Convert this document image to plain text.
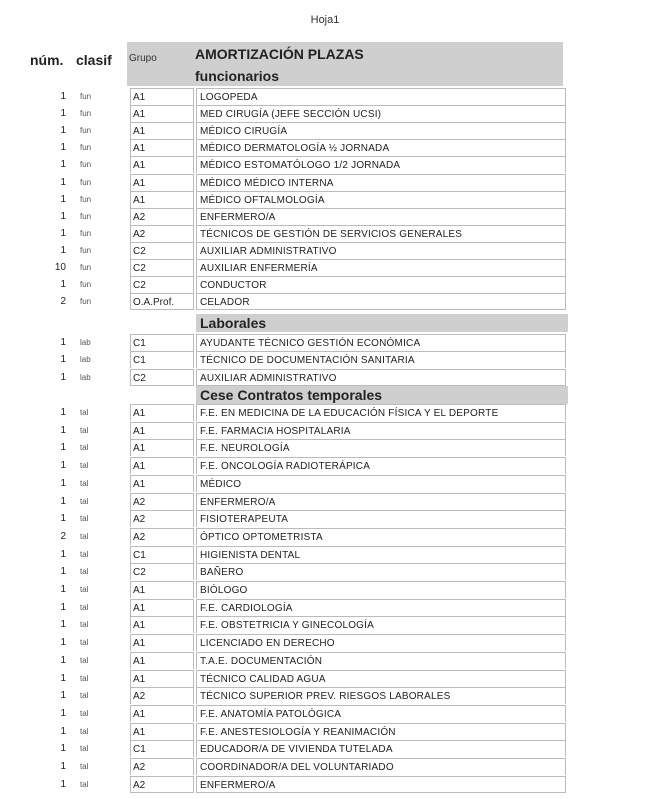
Hoja1
núm. clasif	AMORTIZACIÓN PLAZAS
funcionarios
Grupo
Laborales
Cese Contratos temporales
1 fun	A1	LOGOPEDA
1 fun	A1	MED CIRUGÍA (JEFE SECCIÓN UCSI)
1 fun	A1	MÉDICO CIRUGÍA
1 fun	A1	MÉDICO DERMATOLOGÍA ½ JORNADA
1 fun	A1	MÉDICO ESTOMATÓLOGO 1/2 JORNADA
1 fun	A1	MÉDICO MÉDICO INTERNA
1 fun	A1	MÉDICO OFTALMOLOGÍA
1 fun	A2	ENFERMERO/A
1 fun	A2	TÉCNICOS DE GESTIÓN DE SERVICIOS GENERALES
1 fun	C2	AUXILIAR ADMINISTRATIVO
10 fun	C2	AUXILIAR ENFERMERÍA
1 fun	C2	CONDUCTOR
2 fun	O.A.Prof.	CELADOR
1 lab	C1	AYUDANTE TÉCNICO GESTIÓN ECONÓMICA
1 lab	C1	TÉCNICO DE DOCUMENTACIÓN SANITARIA
1 lab	C2	AUXILIAR ADMINISTRATIVO
1 tal	A1	F.E. EN MEDICINA DE LA EDUCACIÓN FÍSICA Y EL DEPORTE
1 tal	A1	F.E. FARMACIA HOSPITALARIA
1 tal	A1	F.E. NEUROLOGÍA
1 tal	A1	F.E. ONCOLOGÍA RADIOTERÁPICA
1 tal	A1	MÉDICO
1 tal	A2	ENFERMERO/A
1 tal	A2	FISIOTERAPEUTA
2 tal	A2	ÓPTICO OPTOMETRISTA
1 tal	C1	HIGIENISTA DENTAL
1 tal	C2	BAÑERO
1 tal	A1	BIÓLOGO
1 tal	A1	F.E. CARDIOLOGÍA
1 tal	A1	F.E. OBSTETRICIA Y GINECOLOGÍA
1 tal	A1	LICENCIADO EN DERECHO
1 tal	A1	T.A.E. DOCUMENTACIÓN
1 tal	A1	TÉCNICO CALIDAD AGUA
1 tal	A2	TÉCNICO SUPERIOR PREV. RIESGOS LABORALES
1 tal	A1	F.E. ANATOMÍA PATOLÓGICA
1 tal	A1	F.E. ANESTESIOLOGÍA Y REANIMACIÓN
1 tal	C1	EDUCADOR/A DE VIVIENDA TUTELADA
1 tal	A2	COORDINADOR/A DEL VOLUNTARIADO
1 tal	A2	ENFERMERO/A
